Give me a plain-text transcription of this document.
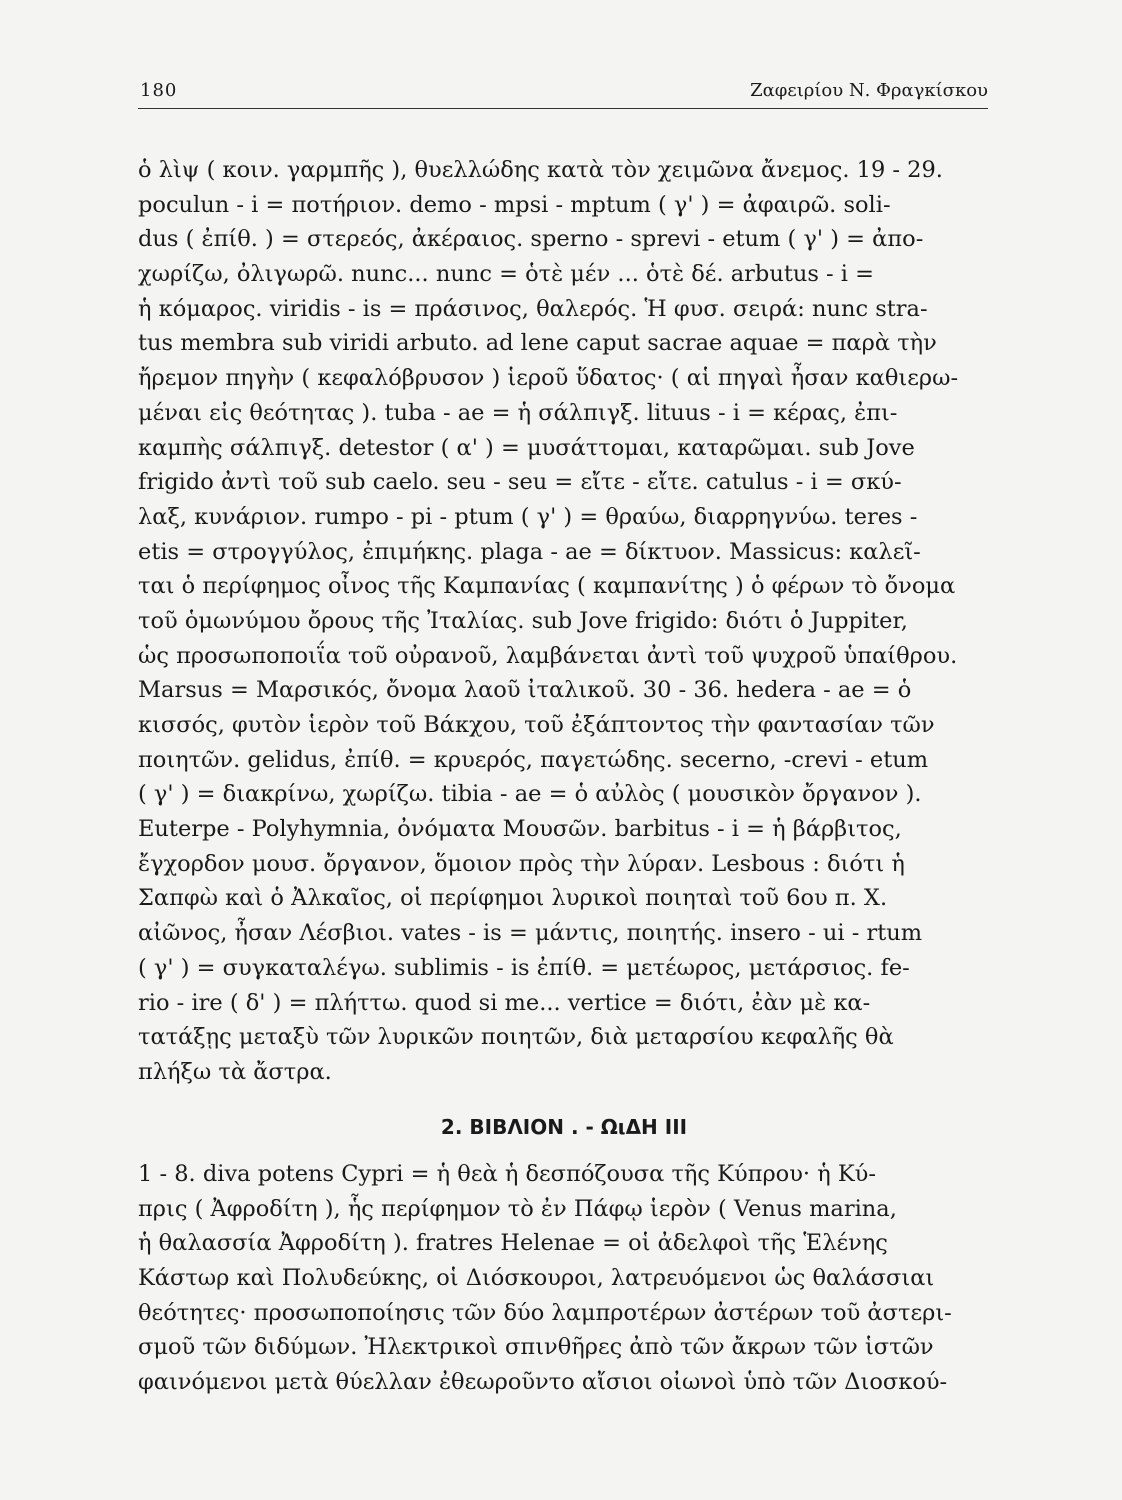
180	Ζαφειρίου Ν. Φραγκίσκου
ὁ λὶψ ( κοιν. γαρμπῆς ), θυελλώδης κατὰ τὸν χειμῶνα ἄνεμος. 19 - 29.
poculun - i = ποτήριον. demo - mpsi - mptum ( γ' ) = ἀφαιρῶ. soli-
dus ( ἐπίθ. ) = στερεός, ἀκέραιος. sperno - sprevi - etum ( γ' ) = ἀπο-
χωρίζω, ὀλιγωρῶ. nunc... nunc = ὁτὲ μέν ... ὁτὲ δέ. arbutus - i =
ἡ κόμαρος. viridis - is = πράσινος, θαλερός. Ἡ φυσ. σειρά: nunc stra-
tus membra sub viridi arbuto. ad lene caput sacrae aquae = παρὰ τὴν
ἤρεμον πηγὴν ( κεφαλόβρυσον ) ἱεροῦ ὕδατος· ( αἱ πηγαὶ ἦσαν καθιερω-
μέναι εἰς θεότητας ). tuba - ae = ἡ σάλπιγξ. lituus - i = κέρας, ἐπι-
καμπὴς σάλπιγξ. detestor ( α' ) = μυσάττομαι, καταρῶμαι. sub Jove
frigido ἀντὶ τοῦ sub caelo. seu - seu = εἴτε - εἴτε. catulus - i = σκύ-
λαξ, κυνάριον. rumpo - pi - ptum ( γ' ) = θραύω, διαρρηγνύω. teres -
etis = στρογγύλος, ἐπιμήκης. plaga - ae = δίκτυον. Massicus: καλεῖ-
ται ὁ περίφημος οἶνος τῆς Καμπανίας ( καμπανίτης ) ὁ φέρων τὸ ὄνομα
τοῦ ὁμωνύμου ὄρους τῆς Ἰταλίας. sub Jove frigido: διότι ὁ Juppiter,
ὡς προσωποποιΐα τοῦ οὐρανοῦ, λαμβάνεται ἀντὶ τοῦ ψυχροῦ ὑπαίθρου.
Marsus = Μαρσικός, ὄνομα λαοῦ ἰταλικοῦ. 30 - 36. hedera - ae = ὁ
κισσός, φυτὸν ἱερὸν τοῦ Βάκχου, τοῦ ἐξάπτοντος τὴν φαντασίαν τῶν
ποιητῶν. gelidus, ἐπίθ. = κρυερός, παγετώδης. secerno, -crevi - etum
( γ' ) = διακρίνω, χωρίζω. tibia - ae = ὁ αὐλὸς ( μουσικὸν ὄργανον ).
Euterpe - Polyhymnia, ὀνόματα Μουσῶν. barbitus - i = ἡ βάρβιτος,
ἔγχορδον μουσ. ὄργανον, ὅμοιον πρὸς τὴν λύραν. Lesbous : διότι ἡ
Σαπφὼ καὶ ὁ Ἀλκαῖος, οἱ περίφημοι λυρικοὶ ποιηταὶ τοῦ 6ου π. Χ.
αἰῶνος, ἦσαν Λέσβιοι. vates - is = μάντις, ποιητής. insero - ui - rtum
( γ' ) = συγκαταλέγω. sublimis - is ἐπίθ. = μετέωρος, μετάρσιος. fe-
rio - ire ( δ' ) = πλήττω. quod si me... vertice = διότι, ἐὰν μὲ κα-
τατάξῃς μεταξὺ τῶν λυρικῶν ποιητῶν, διὰ μεταρσίου κεφαλῆς θὰ
πλήξω τὰ ἄστρα.
2. ΒΙΒΛΙΟΝ . - ΩιΔΗ ΙΙΙ
1 - 8. diva potens Cypri = ἡ θεὰ ἡ δεσπόζουσα τῆς Κύπρου· ἡ Κύ-
πρις ( Ἀφροδίτη ), ἧς περίφημον τὸ ἐν Πάφῳ ἱερὸν ( Venus marina,
ἡ θαλασσία Ἀφροδίτη ). fratres Helenae = οἱ ἀδελφοὶ τῆς Ἑλένης
Κάστωρ καὶ Πολυδεύκης, οἱ Διόσκουροι, λατρευόμενοι ὡς θαλάσσιαι
θεότητες· προσωποποίησις τῶν δύο λαμπροτέρων ἀστέρων τοῦ ἀστερι-
σμοῦ τῶν διδύμων. Ἠλεκτρικοὶ σπινθῆρες ἀπὸ τῶν ἄκρων τῶν ἱστῶν
φαινόμενοι μετὰ θύελλαν ἐθεωροῦντο αἴσιοι οἰωνοὶ ὑπὸ τῶν Διοσκού-
